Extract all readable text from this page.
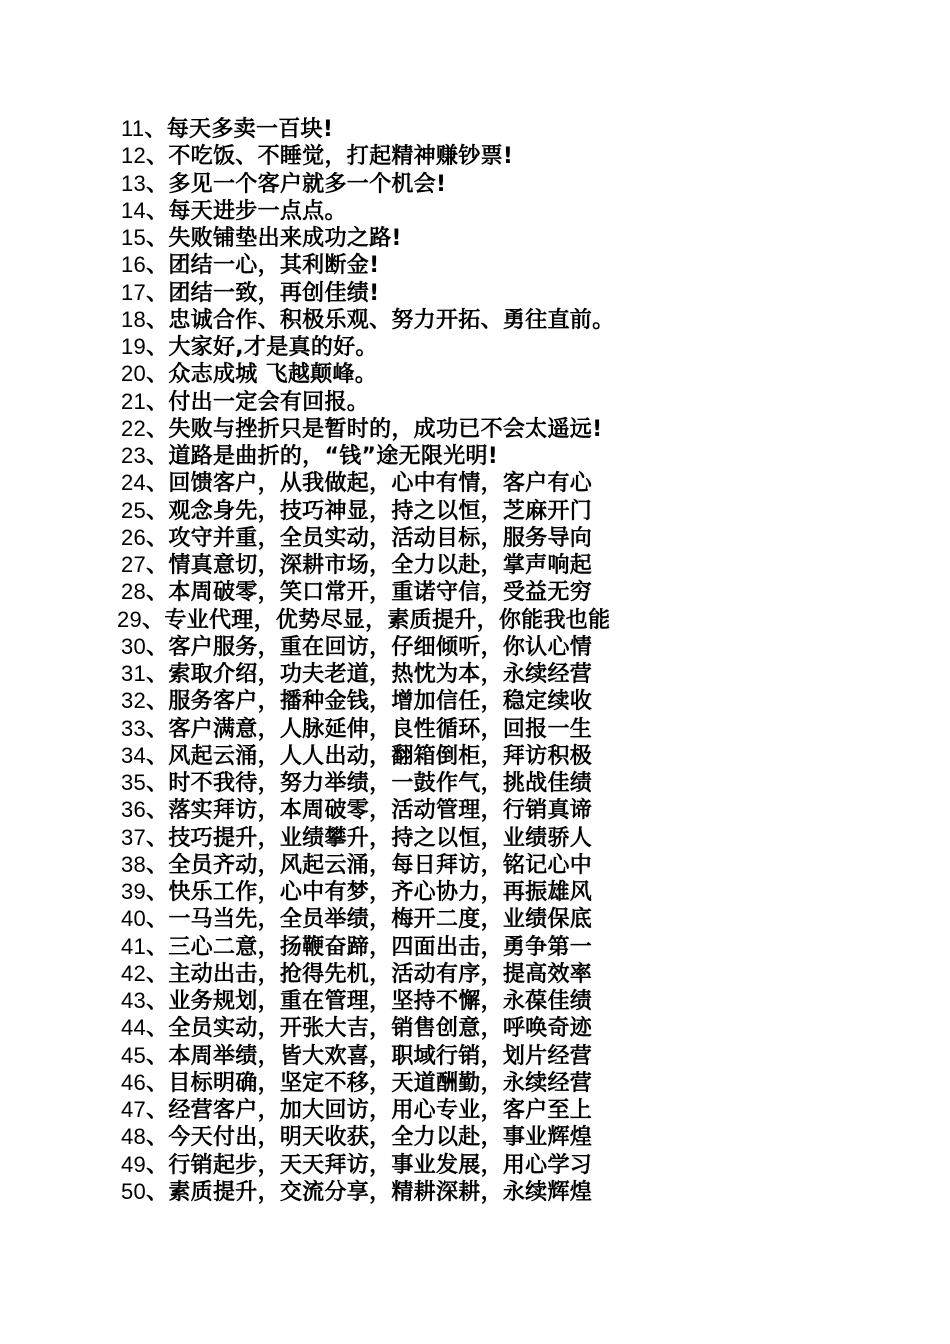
11、每天多卖一百块!
12、不吃饭、不睡觉，打起精神赚钞票!
13、多见一个客户就多一个机会!
14、每天进步一点点。
15、失败铺垫出来成功之路!
16、团结一心，其利断金!
17、团结一致，再创佳绩!
18、忠诚合作、积极乐观、努力开拓、勇往直前。
19、大家好,才是真的好。
20、众志成城 飞越颠峰。
21、付出一定会有回报。
22、失败与挫折只是暂时的，成功已不会太遥远!
23、道路是曲折的，“钱”途无限光明!
24、回馈客户，从我做起，心中有情，客户有心
25、观念身先，技巧神显，持之以恒，芝麻开门
26、攻守并重，全员实动，活动目标，服务导向
27、情真意切，深耕市场，全力以赴，掌声响起
28、本周破零，笑口常开，重诺守信，受益无穷
29、专业代理，优势尽显，素质提升，你能我也能
30、客户服务，重在回访，仔细倾听，你认心情
31、索取介绍，功夫老道，热忱为本，永续经营
32、服务客户，播种金钱，增加信任，稳定续收
33、客户满意，人脉延伸，良性循环，回报一生
34、风起云涌，人人出动，翻箱倒柜，拜访积极
35、时不我待，努力举绩，一鼓作气，挑战佳绩
36、落实拜访，本周破零，活动管理，行销真谛
37、技巧提升，业绩攀升，持之以恒，业绩骄人
38、全员齐动，风起云涌，每日拜访，铭记心中
39、快乐工作，心中有梦，齐心协力，再振雄风
40、一马当先，全员举绩，梅开二度，业绩保底
41、三心二意，扬鞭奋蹄，四面出击，勇争第一
42、主动出击，抢得先机，活动有序，提高效率
43、业务规划，重在管理，坚持不懈，永葆佳绩
44、全员实动，开张大吉，销售创意，呼唤奇迹
45、本周举绩，皆大欢喜，职域行销，划片经营
46、目标明确，坚定不移，天道酬勤，永续经营
47、经营客户，加大回访，用心专业，客户至上
48、今天付出，明天收获，全力以赴，事业辉煌
49、行销起步，天天拜访，事业发展，用心学习
50、素质提升，交流分享，精耕深耕，永续辉煌
